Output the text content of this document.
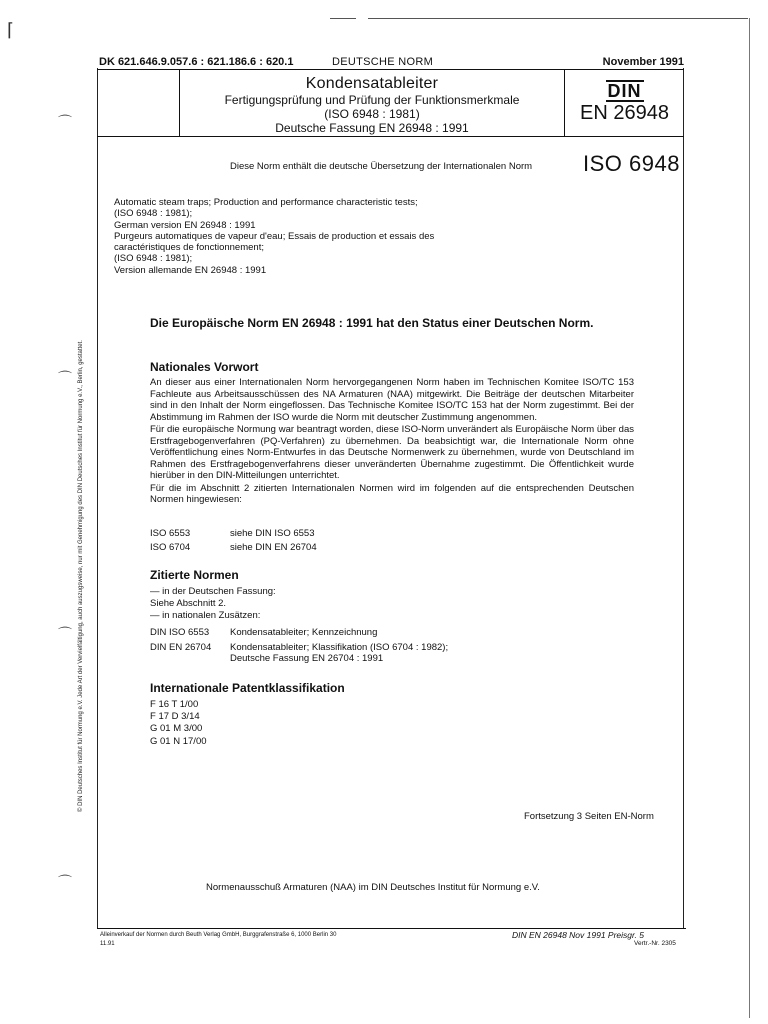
⌈
⌒
⌒
⌒
⌒
DK 621.646.9.057.6 : 621.186.6 : 620.1	DEUTSCHE NORM	November 1991
Kondensatableiter
Fertigungsprüfung und Prüfung der Funktionsmerkmale
(ISO 6948 : 1981)
Deutsche Fassung EN 26948 : 1991
DIN
EN 26948
Diese Norm enthält die deutsche Übersetzung der Internationalen Norm ISO 6948
Automatic steam traps; Production and performance characteristic tests;
(ISO 6948 : 1981);
German version EN 26948 : 1991
Purgeurs automatiques de vapeur d'eau; Essais de production et essais des
caractéristiques de fonctionnement;
(ISO 6948 : 1981);
Version allemande EN 26948 : 1991
Die Europäische Norm EN 26948 : 1991 hat den Status einer Deutschen Norm.
Nationales Vorwort

An dieser aus einer Internationalen Norm hervorgegangenen Norm haben im Technischen Komitee ISO/TC 153 Fachleute aus Arbeitsausschüssen des NA Armaturen (NAA) mitgewirkt. Die Beiträge der deutschen Mitarbeiter sind in den Inhalt der Norm eingeflossen. Das Technische Komitee ISO/TC 153 hat der Norm zugestimmt. Bei der Abstimmung im Rahmen der ISO wurde die Norm mit deutscher Zustimmung angenommen.

Für die europäische Normung war beantragt worden, diese ISO-Norm unverändert als Europäische Norm über das Erstfragebogenverfahren (PQ-Verfahren) zu übernehmen. Da beabsichtigt war, die Internationale Norm ohne Veröffentlichung eines Norm-Entwurfes in das Deutsche Normenwerk zu übernehmen, wurde von Deutschland im Rahmen des Erstfragebogenverfahrens dieser unveränderten Übernahme zugestimmt. Die Öffentlichkeit wurde hierüber in den DIN-Mitteilungen unterrichtet.

Für die im Abschnitt 2 zitierten Internationalen Normen wird im folgenden auf die entsprechenden Deutschen Normen hingewiesen:

ISO 6553	siehe DIN ISO 6553
ISO 6704	siehe DIN EN 26704
Zitierte Normen
— in der Deutschen Fassung:
Siehe Abschnitt 2.
— in nationalen Zusätzen:
DIN ISO 6553	Kondensatableiter; Kennzeichnung
DIN EN 26704	Kondensatableiter; Klassifikation (ISO 6704 : 1982);
Deutsche Fassung EN 26704 : 1991
Internationale Patentklassifikation
F 16 T 1/00
F 17 D 3/14
G 01 M 3/00
G 01 N 17/00
Fortsetzung 3 Seiten EN-Norm
Normenausschuß Armaturen (NAA) im DIN Deutsches Institut für Normung e.V.
Alleinverkauf der Normen durch Beuth Verlag GmbH, Burggrafenstraße 6, 1000 Berlin 30
11.91
DIN EN 26948 Nov 1991 Preisgr. 5
Vertr.-Nr. 2305
© DIN Deutsches Institut für Normung e.V. Jede Art der Vervielfältigung, auch auszugsweise, nur mit Genehmigung des DIN Deutsches Institut für Normung e.V., Berlin, gestattet.
